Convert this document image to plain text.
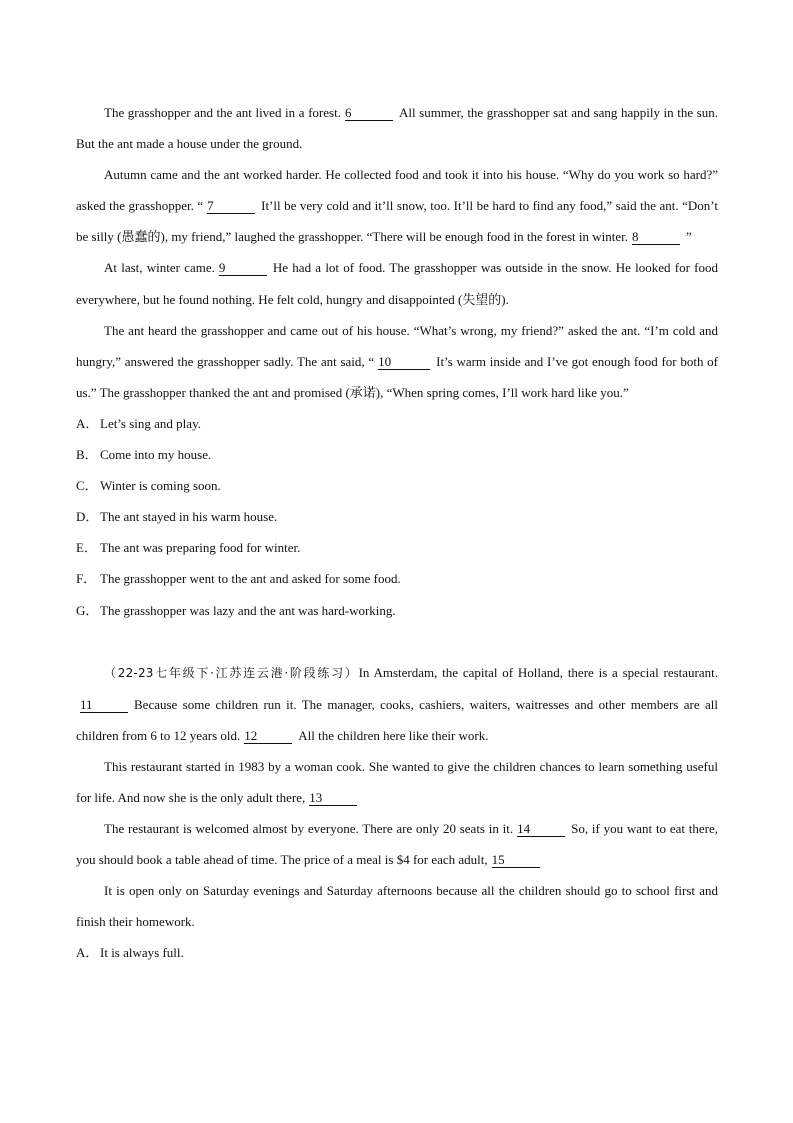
The grasshopper and the ant lived in a forest. 6	All summer, the grasshopper sat and sang happily in the sun. But the ant made a house under the ground.

Autumn came and the ant worked harder. He collected food and took it into his house. “Why do you work so hard?” asked the grasshopper. “ 7	It’ll be very cold and it’ll snow, too. It’ll be hard to find any food,” said the ant. “Don’t be silly (愚蠢的), my friend,” laughed the grasshopper. “There will be enough food in the forest in winter. 8	”

At last, winter came. 9	He had a lot of food. The grasshopper was outside in the snow. He looked for food everywhere, but he found nothing. He felt cold, hungry and disappointed (失望的).

The ant heard the grasshopper and came out of his house. “What’s wrong, my friend?” asked the ant. “I’m cold and hungry,” answered the grasshopper sadly. The ant said, “ 10	It’s warm inside and I’ve got enough food for both of us.” The grasshopper thanked the ant and promised (承诺), “When spring comes, I’ll work hard like you.”

A． Let’s sing and play.

B． Come into my house.

C． Winter is coming soon.

D． The ant stayed in his warm house.

E． The ant was preparing food for winter.

F． The grasshopper went to the ant and asked for some food.

G． The grasshopper was lazy and the ant was hard-working.

（22-23七年级下·江苏连云港·阶段练习）In Amsterdam, the capital of Holland, there is a special restaurant.11	Because some children run it. The manager, cooks, cashiers, waiters, waitresses and other members are all children from 6 to 12 years old. 12	All the children here like their work.

This restaurant started in 1983 by a woman cook. She wanted to give the children chances to learn something useful for life. And now she is the only adult there, 13

The restaurant is welcomed almost by everyone. There are only 20 seats in it. 14	So, if you want to eat there, you should book a table ahead of time. The price of a meal is $4 for each adult, 15

It is open only on Saturday evenings and Saturday afternoons because all the children should go to school first and finish their homework.

A． It is always full.
